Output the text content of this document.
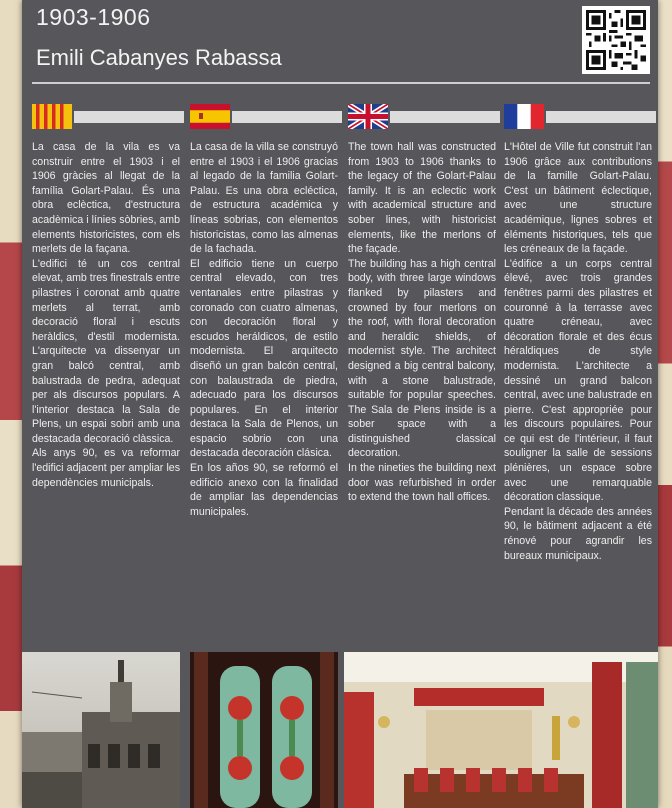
1903-1906
Emili Cabanyes Rabassa

La casa de la vila es va construir entre el 1903 i el 1906 gràcies al llegat de la família Golart-Palau. És una obra eclèctica, d'estructura acadèmica i línies sòbries, amb elements historicistes, com els merlets de la façana.

L'edifici té un cos central elevat, amb tres finestrals entre pilastres i coronat amb quatre merlets al terrat, amb decoració floral i escuts heràldics, d'estil modernista. L'arquitecte va dissenyar un gran balcó central, amb balustrada de pedra, adequat per als discursos populars. A l'interior destaca la Sala de Plens, un espai sobri amb una destacada decoració clàssica.

Als anys 90, es va reformar l'edifici adjacent per ampliar les dependències municipals.

La casa de la villa se construyó entre el 1903 i el 1906 gracias al legado de la familia Golart-Palau. Es una obra ecléctica, de estructura académica y líneas sobrias, con elementos historicistas, como las almenas de la fachada.

El edificio tiene un cuerpo central elevado, con tres ventanales entre pilastras y coronado con cuatro almenas, con decoración floral y escudos heráldicos, de estilo modernista. El arquitecto diseñó un gran balcón central, con balaustrada de piedra, adecuado para los discursos populares. En el interior destaca la Sala de Plenos, un espacio sobrio con una destacada decoración clásica.

En los años 90, se reformó el edificio anexo con la finalidad de ampliar las dependencias municipales.

The town hall was constructed from 1903 to 1906 thanks to the legacy of the Golart-Palau family. It is an eclectic work with academical structure and sober lines, with historicist elements, like the merlons of the façade.

The building has a high central body, with three large windows flanked by pilasters and crowned by four merlons on the roof, with floral decoration and heraldic shields, of modernist style. The architect designed a big central balcony, with a stone balustrade, suitable for popular speeches. The Sala de Plens inside is a sober space with a distinguished classical decoration.

In the nineties the building next door was refurbished in order to extend the town hall offices.

L'Hôtel de Ville fut construit l'an 1906 grâce aux contributions de la famille Golart-Palau. C'est un bâtiment éclectique, avec une structure académique, lignes sobres et éléments historiques, tels que les créneaux de la façade.

L'édifice a un corps central élevé, avec trois grandes fenêtres parmi des pilastres et couronné à la terrasse avec quatre créneau, avec décoration florale et des écus héraldiques de style modernista. L'architecte a dessiné un grand balcon central, avec une balustrade en pierre. C'est appropriée pour les discours populaires. Pour ce qui est de l'intérieur, il faut souligner la salle de sessions plénières, un espace sobre avec une remarquable décoration classique.

Pendant la décade des années 90, le bâtiment adjacent a été rénové pour agrandir les bureaux municipaux.
